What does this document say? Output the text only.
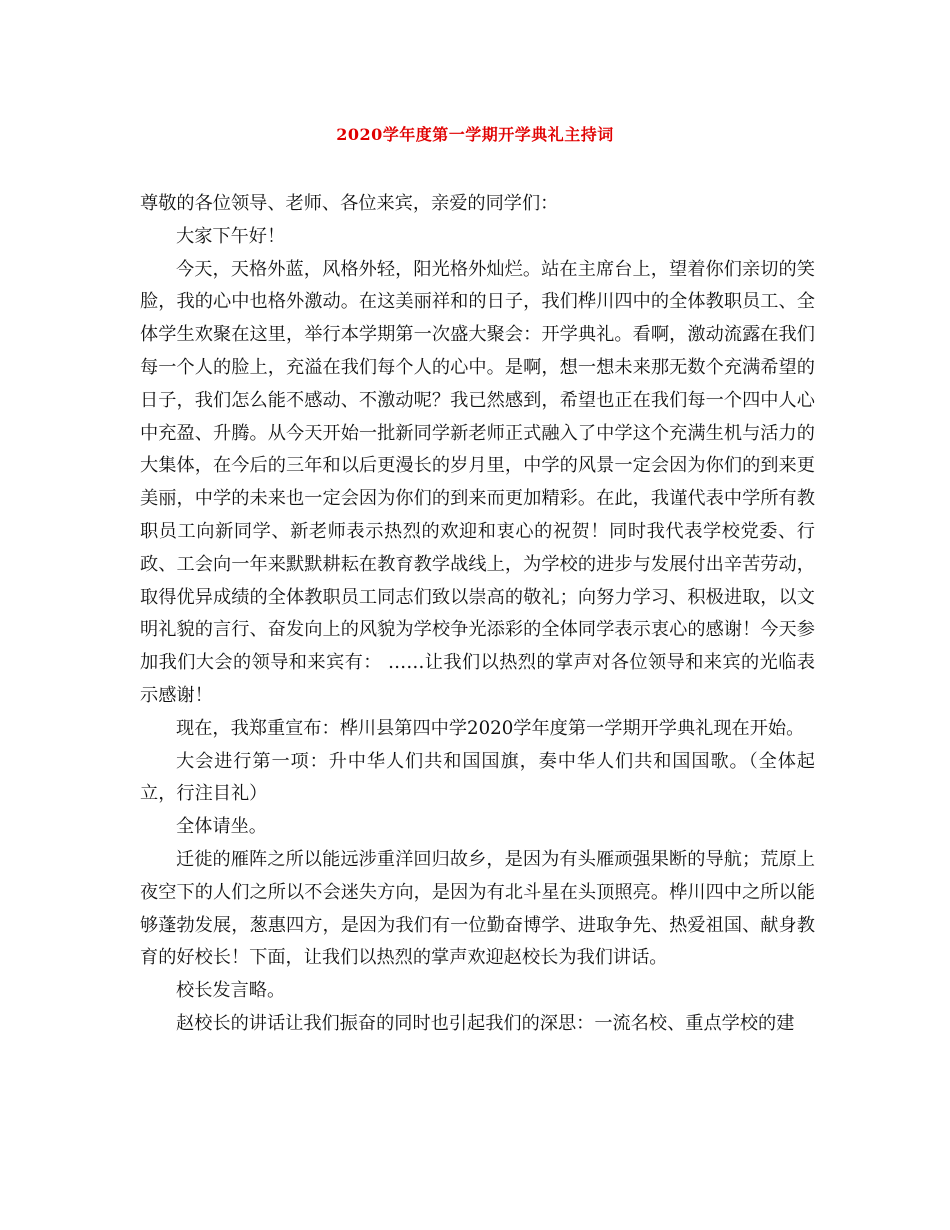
2020学年度第一学期开学典礼主持词

尊敬的各位领导、老师、各位来宾，亲爱的同学们：

大家下午好！

今天，天格外蓝，风格外轻，阳光格外灿烂。站在主席台上，望着你们亲切的笑脸，我的心中也格外激动。在这美丽祥和的日子，我们桦川四中的全体教职员工、全体学生欢聚在这里，举行本学期第一次盛大聚会：开学典礼。看啊，激动流露在我们每一个人的脸上，充溢在我们每个人的心中。是啊，想一想未来那无数个充满希望的日子，我们怎么能不感动、不激动呢？我已然感到，希望也正在我们每一个四中人心中充盈、升腾。从今天开始一批新同学新老师正式融入了中学这个充满生机与活力的大集体，在今后的三年和以后更漫长的岁月里，中学的风景一定会因为你们的到来更美丽，中学的未来也一定会因为你们的到来而更加精彩。在此，我谨代表中学所有教职员工向新同学、新老师表示热烈的欢迎和衷心的祝贺！同时我代表学校党委、行政、工会向一年来默默耕耘在教育教学战线上，为学校的进步与发展付出辛苦劳动，取得优异成绩的全体教职员工同志们致以崇高的敬礼；向努力学习、积极进取，以文明礼貌的言行、奋发向上的风貌为学校争光添彩的全体同学表示衷心的感谢！今天参加我们大会的领导和来宾有： ……让我们以热烈的掌声对各位领导和来宾的光临表示感谢！

现在，我郑重宣布：桦川县第四中学2020学年度第一学期开学典礼现在开始。

大会进行第一项：升中华人们共和国国旗，奏中华人们共和国国歌。（全体起立，行注目礼）

全体请坐。

迁徙的雁阵之所以能远涉重洋回归故乡，是因为有头雁顽强果断的导航；荒原上夜空下的人们之所以不会迷失方向，是因为有北斗星在头顶照亮。桦川四中之所以能够蓬勃发展，葱惠四方，是因为我们有一位勤奋博学、进取争先、热爱祖国、献身教育的好校长！下面，让我们以热烈的掌声欢迎赵校长为我们讲话。

校长发言略。

赵校长的讲话让我们振奋的同时也引起我们的深思：一流名校、重点学校的建
